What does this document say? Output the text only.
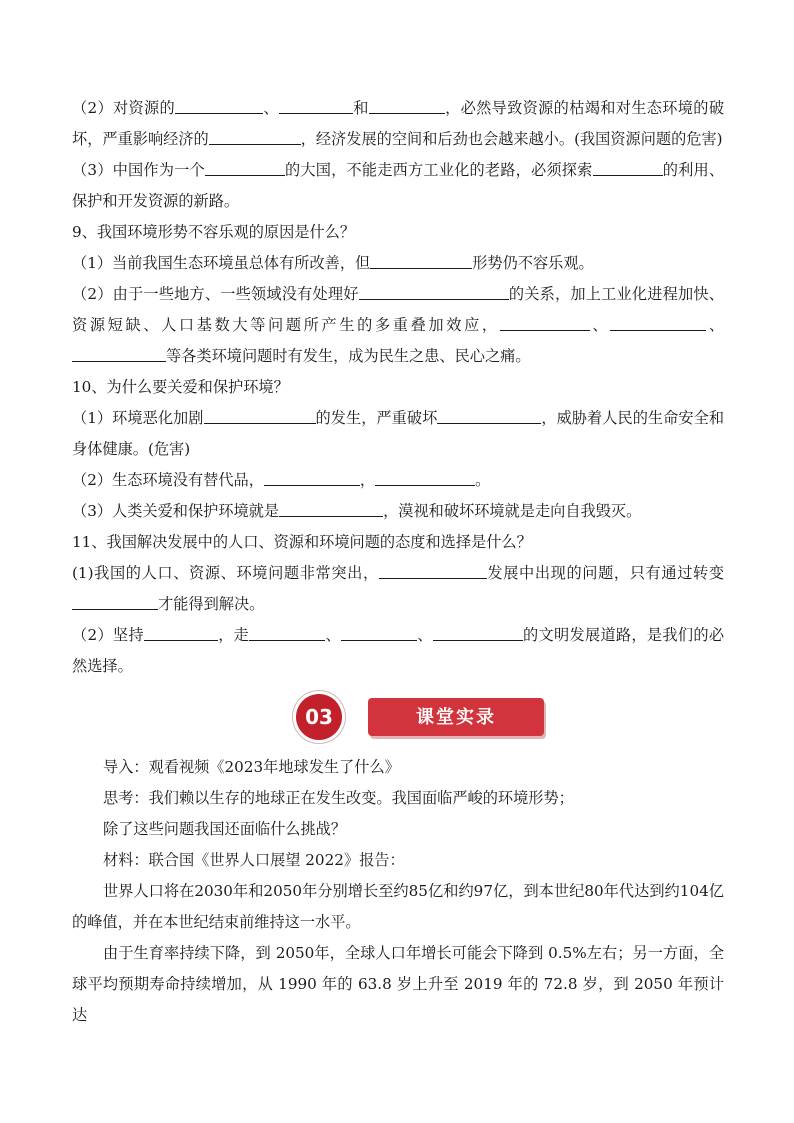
（2）对资源的	、	和	，必然导致资源的枯竭和对生态环境的破坏，严重影响经济的	，经济发展的空间和后劲也会越来越小。(我国资源问题的危害)

（3）中国作为一个	的大国，不能走西方工业化的老路，必须探索	的利用、保护和开发资源的新路。

9、我国环境形势不容乐观的原因是什么？

（1）当前我国生态环境虽总体有所改善，但	形势仍不容乐观。

（2）由于一些地方、一些领域没有处理好	的关系，加上工业化进程加快、资源短缺、人口基数大等问题所产生的多重叠加效应，	、	、等各类环境问题时有发生，成为民生之患、民心之痛。

10、为什么要关爱和保护环境？

（1）环境恶化加剧	的发生，严重破坏	，威胁着人民的生命安全和身体健康。(危害)

（2）生态环境没有替代品，	，	。

（3）人类关爱和保护环境就是	，漠视和破坏环境就是走向自我毁灭。

11、我国解决发展中的人口、资源和环境问题的态度和选择是什么？

(1)我国的人口、资源、环境问题非常突出，	发展中出现的问题，只有通过转变才能得到解决。

（2）坚持	，走	、	、	的文明发展道路，是我们的必然选择。

03	课堂实录

导入：观看视频《2023年地球发生了什么》

思考：我们赖以生存的地球正在发生改变。我国面临严峻的环境形势；

除了这些问题我国还面临什么挑战？

材料：联合国《世界人口展望 2022》报告：

世界人口将在2030年和2050年分别增长至约85亿和约97亿，到本世纪80年代达到约104亿的峰值，并在本世纪结束前维持这一水平。

由于生育率持续下降，到 2050年，全球人口年增长可能会下降到 0.5%左右；另一方面，全球平均预期寿命持续增加，从 1990 年的 63.8 岁上升至 2019 年的 72.8 岁，到 2050 年预计达
